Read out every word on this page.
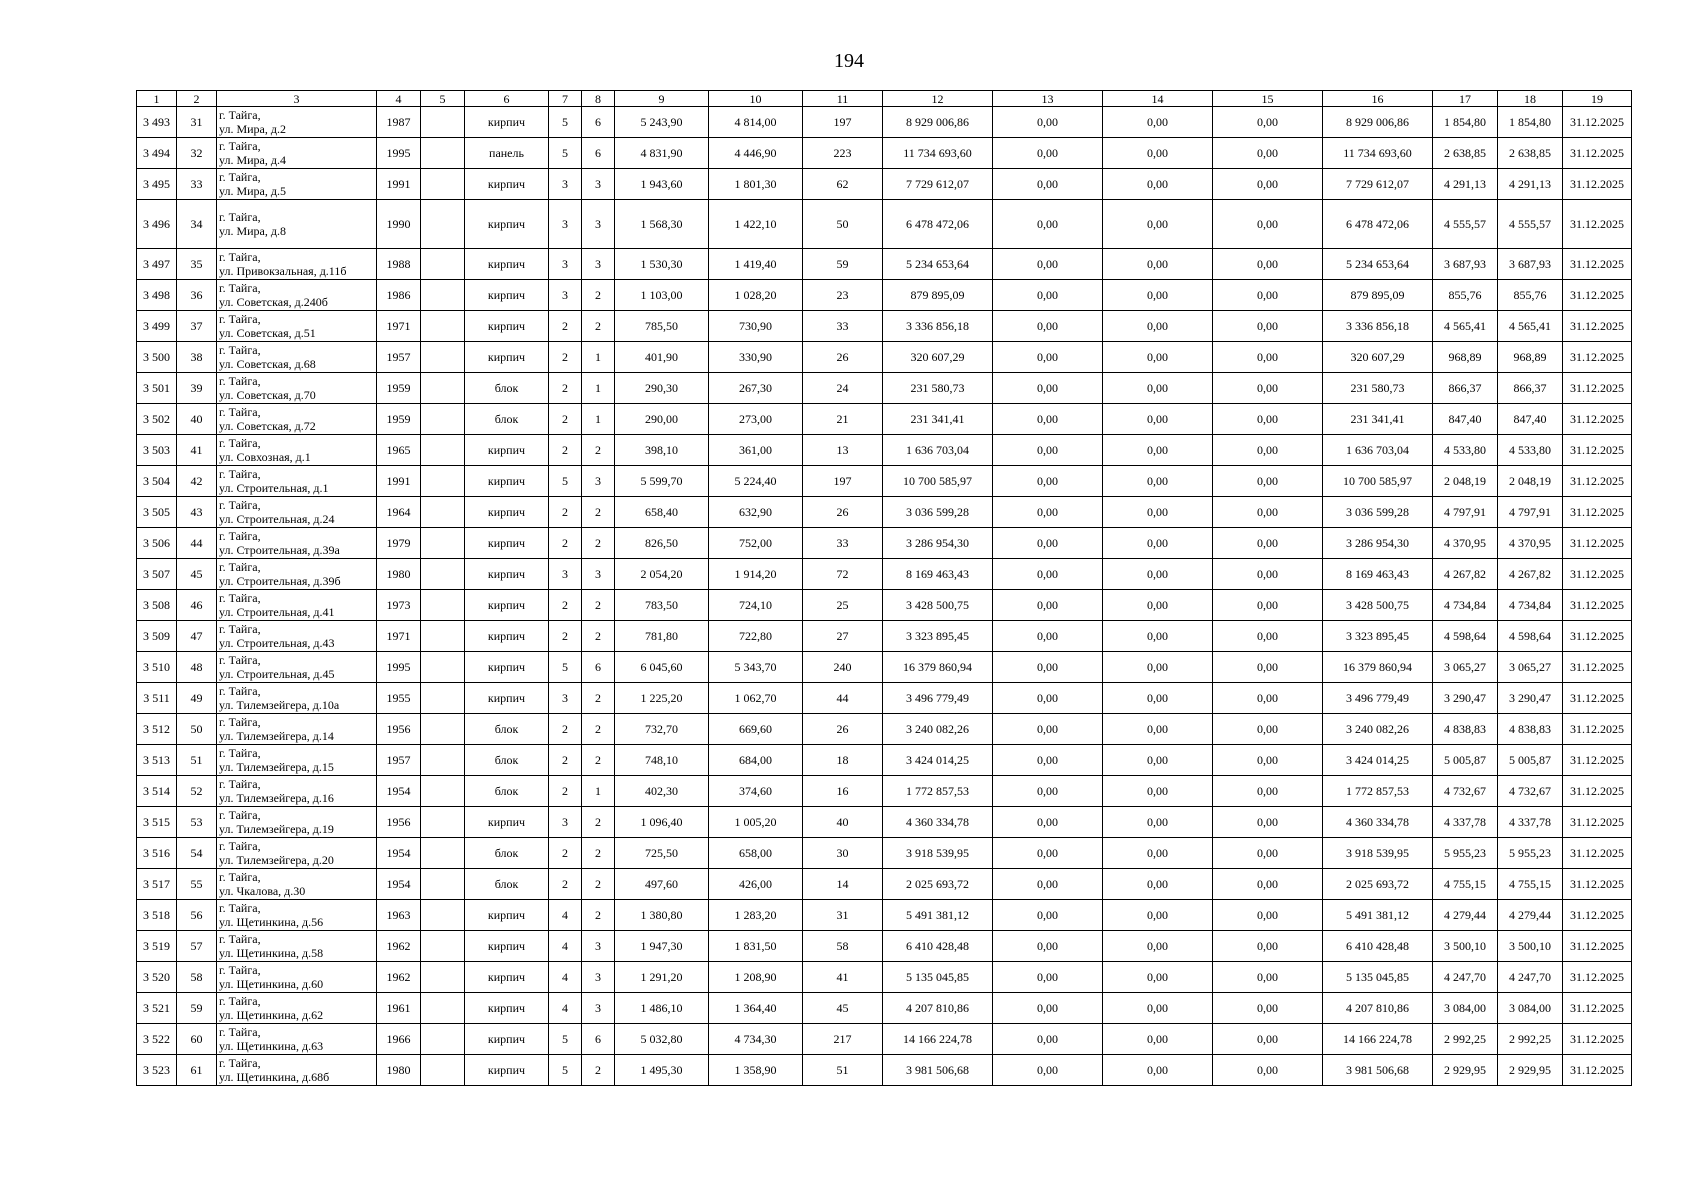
194
1	2	3	4	5	6	7	8	9	10	11	12	13	14	15	16	17	18	19
3 493	31	г. Тайга,
ул. Мира, д.2	1987		кирпич	5	6	5 243,90	4 814,00	197	8 929 006,86	0,00	0,00	0,00	8 929 006,86	1 854,80	1 854,80	31.12.2025
3 494	32	г. Тайга,
ул. Мира, д.4	1995		панель	5	6	4 831,90	4 446,90	223	11 734 693,60	0,00	0,00	0,00	11 734 693,60	2 638,85	2 638,85	31.12.2025
3 495	33	г. Тайга,
ул. Мира, д.5	1991		кирпич	3	3	1 943,60	1 801,30	62	7 729 612,07	0,00	0,00	0,00	7 729 612,07	4 291,13	4 291,13	31.12.2025
3 496	34	г. Тайга,
ул. Мира, д.8	1990		кирпич	3	3	1 568,30	1 422,10	50	6 478 472,06	0,00	0,00	0,00	6 478 472,06	4 555,57	4 555,57	31.12.2025
3 497	35	г. Тайга,
ул. Привокзальная, д.11б	1988		кирпич	3	3	1 530,30	1 419,40	59	5 234 653,64	0,00	0,00	0,00	5 234 653,64	3 687,93	3 687,93	31.12.2025
3 498	36	г. Тайга,
ул. Советская, д.240б	1986		кирпич	3	2	1 103,00	1 028,20	23	879 895,09	0,00	0,00	0,00	879 895,09	855,76	855,76	31.12.2025
3 499	37	г. Тайга,
ул. Советская, д.51	1971		кирпич	2	2	785,50	730,90	33	3 336 856,18	0,00	0,00	0,00	3 336 856,18	4 565,41	4 565,41	31.12.2025
3 500	38	г. Тайга,
ул. Советская, д.68	1957		кирпич	2	1	401,90	330,90	26	320 607,29	0,00	0,00	0,00	320 607,29	968,89	968,89	31.12.2025
3 501	39	г. Тайга,
ул. Советская, д.70	1959		блок	2	1	290,30	267,30	24	231 580,73	0,00	0,00	0,00	231 580,73	866,37	866,37	31.12.2025
3 502	40	г. Тайга,
ул. Советская, д.72	1959		блок	2	1	290,00	273,00	21	231 341,41	0,00	0,00	0,00	231 341,41	847,40	847,40	31.12.2025
3 503	41	г. Тайга,
ул. Совхозная, д.1	1965		кирпич	2	2	398,10	361,00	13	1 636 703,04	0,00	0,00	0,00	1 636 703,04	4 533,80	4 533,80	31.12.2025
3 504	42	г. Тайга,
ул. Строительная, д.1	1991		кирпич	5	3	5 599,70	5 224,40	197	10 700 585,97	0,00	0,00	0,00	10 700 585,97	2 048,19	2 048,19	31.12.2025
3 505	43	г. Тайга,
ул. Строительная, д.24	1964		кирпич	2	2	658,40	632,90	26	3 036 599,28	0,00	0,00	0,00	3 036 599,28	4 797,91	4 797,91	31.12.2025
3 506	44	г. Тайга,
ул. Строительная, д.39а	1979		кирпич	2	2	826,50	752,00	33	3 286 954,30	0,00	0,00	0,00	3 286 954,30	4 370,95	4 370,95	31.12.2025
3 507	45	г. Тайга,
ул. Строительная, д.39б	1980		кирпич	3	3	2 054,20	1 914,20	72	8 169 463,43	0,00	0,00	0,00	8 169 463,43	4 267,82	4 267,82	31.12.2025
3 508	46	г. Тайга,
ул. Строительная, д.41	1973		кирпич	2	2	783,50	724,10	25	3 428 500,75	0,00	0,00	0,00	3 428 500,75	4 734,84	4 734,84	31.12.2025
3 509	47	г. Тайга,
ул. Строительная, д.43	1971		кирпич	2	2	781,80	722,80	27	3 323 895,45	0,00	0,00	0,00	3 323 895,45	4 598,64	4 598,64	31.12.2025
3 510	48	г. Тайга,
ул. Строительная, д.45	1995		кирпич	5	6	6 045,60	5 343,70	240	16 379 860,94	0,00	0,00	0,00	16 379 860,94	3 065,27	3 065,27	31.12.2025
3 511	49	г. Тайга,
ул. Тилемзейгера, д.10а	1955		кирпич	3	2	1 225,20	1 062,70	44	3 496 779,49	0,00	0,00	0,00	3 496 779,49	3 290,47	3 290,47	31.12.2025
3 512	50	г. Тайга,
ул. Тилемзейгера, д.14	1956		блок	2	2	732,70	669,60	26	3 240 082,26	0,00	0,00	0,00	3 240 082,26	4 838,83	4 838,83	31.12.2025
3 513	51	г. Тайга,
ул. Тилемзейгера, д.15	1957		блок	2	2	748,10	684,00	18	3 424 014,25	0,00	0,00	0,00	3 424 014,25	5 005,87	5 005,87	31.12.2025
3 514	52	г. Тайга,
ул. Тилемзейгера, д.16	1954		блок	2	1	402,30	374,60	16	1 772 857,53	0,00	0,00	0,00	1 772 857,53	4 732,67	4 732,67	31.12.2025
3 515	53	г. Тайга,
ул. Тилемзейгера, д.19	1956		кирпич	3	2	1 096,40	1 005,20	40	4 360 334,78	0,00	0,00	0,00	4 360 334,78	4 337,78	4 337,78	31.12.2025
3 516	54	г. Тайга,
ул. Тилемзейгера, д.20	1954		блок	2	2	725,50	658,00	30	3 918 539,95	0,00	0,00	0,00	3 918 539,95	5 955,23	5 955,23	31.12.2025
3 517	55	г. Тайга,
ул. Чкалова, д.30	1954		блок	2	2	497,60	426,00	14	2 025 693,72	0,00	0,00	0,00	2 025 693,72	4 755,15	4 755,15	31.12.2025
3 518	56	г. Тайга,
ул. Щетинкина, д.56	1963		кирпич	4	2	1 380,80	1 283,20	31	5 491 381,12	0,00	0,00	0,00	5 491 381,12	4 279,44	4 279,44	31.12.2025
3 519	57	г. Тайга,
ул. Щетинкина, д.58	1962		кирпич	4	3	1 947,30	1 831,50	58	6 410 428,48	0,00	0,00	0,00	6 410 428,48	3 500,10	3 500,10	31.12.2025
3 520	58	г. Тайга,
ул. Щетинкина, д.60	1962		кирпич	4	3	1 291,20	1 208,90	41	5 135 045,85	0,00	0,00	0,00	5 135 045,85	4 247,70	4 247,70	31.12.2025
3 521	59	г. Тайга,
ул. Щетинкина, д.62	1961		кирпич	4	3	1 486,10	1 364,40	45	4 207 810,86	0,00	0,00	0,00	4 207 810,86	3 084,00	3 084,00	31.12.2025
3 522	60	г. Тайга,
ул. Щетинкина, д.63	1966		кирпич	5	6	5 032,80	4 734,30	217	14 166 224,78	0,00	0,00	0,00	14 166 224,78	2 992,25	2 992,25	31.12.2025
3 523	61	г. Тайга,
ул. Щетинкина, д.68б	1980		кирпич	5	2	1 495,30	1 358,90	51	3 981 506,68	0,00	0,00	0,00	3 981 506,68	2 929,95	2 929,95	31.12.2025
